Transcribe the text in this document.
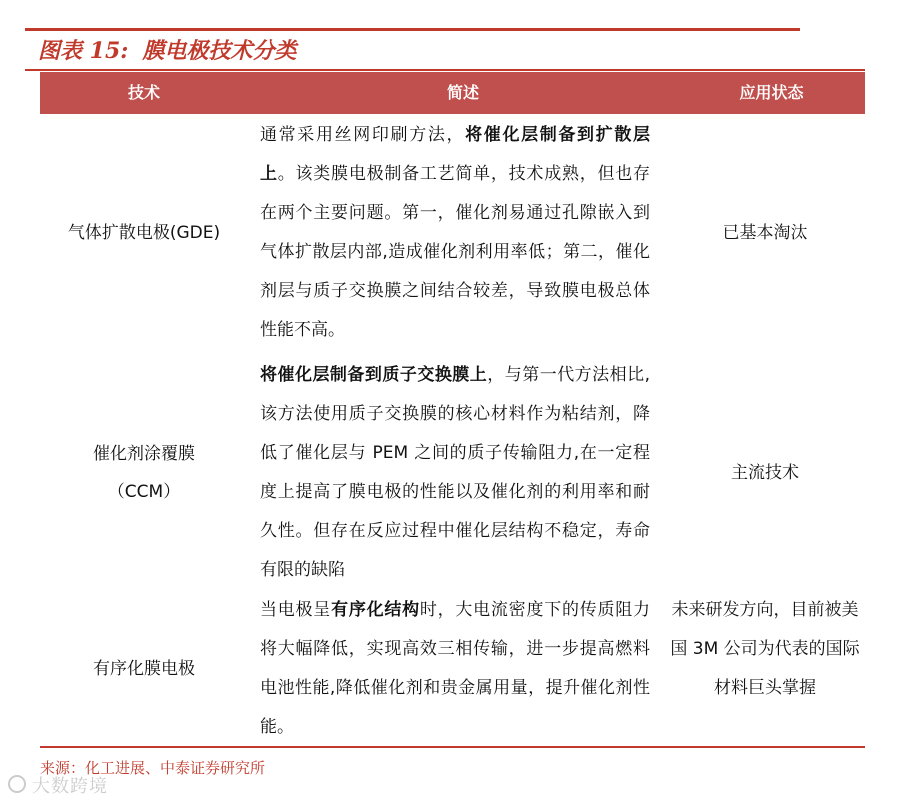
图表 15: 膜电极技术分类
技术	简述	应用状态
气体扩散电极(GDE)
通常采用丝网印刷方法，将催化层制备到扩散层上。该类膜电极制备工艺简单，技术成熟，但也存在两个主要问题。第一，催化剂易通过孔隙嵌入到气体扩散层内部,造成催化剂利用率低；第二，催化剂层与质子交换膜之间结合较差，导致膜电极总体性能不高。
已基本淘汰
催化剂涂覆膜
（CCM）
将催化层制备到质子交换膜上，与第一代方法相比,该方法使用质子交换膜的核心材料作为粘结剂，降低了催化层与 PEM 之间的质子传输阻力,在一定程度上提高了膜电极的性能以及催化剂的利用率和耐久性。但存在反应过程中催化层结构不稳定，寿命有限的缺陷
主流技术
有序化膜电极
当电极呈有序化结构时，大电流密度下的传质阻力将大幅降低，实现高效三相传输，进一步提高燃料电池性能,降低催化剂和贵金属用量，提升催化剂性能。
未来研发方向，目前被美国 3M 公司为代表的国际材料巨头掌握
来源：化工进展、中泰证券研究所
大数跨境
